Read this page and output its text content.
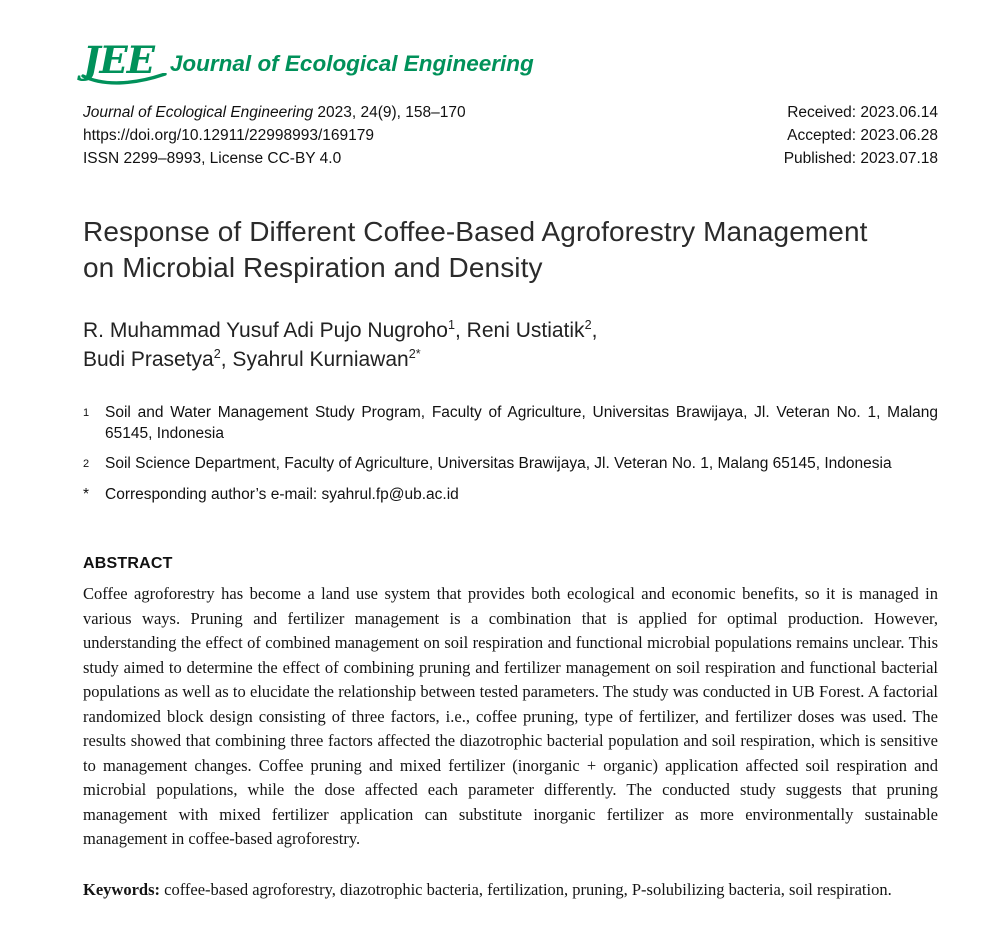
JEE Journal of Ecological Engineering
Journal of Ecological Engineering 2023, 24(9), 158–170
https://doi.org/10.12911/22998993/169179
ISSN 2299–8993, License CC-BY 4.0
Received: 2023.06.14
Accepted: 2023.06.28
Published: 2023.07.18
Response of Different Coffee-Based Agroforestry Management
on Microbial Respiration and Density
R. Muhammad Yusuf Adi Pujo Nugroho$^1$, Reni Ustiatik$^2$,
Budi Prasetya$^2$, Syahrul Kurniawan$^{2*}$
1	Soil and Water Management Study Program, Faculty of Agriculture, Universitas Brawijaya, Jl. Veteran No. 1, Malang 65145, Indonesia
2	Soil Science Department, Faculty of Agriculture, Universitas Brawijaya, Jl. Veteran No. 1, Malang 65145, Indonesia
*	Corresponding author’s e-mail: syahrul.fp@ub.ac.id
ABSTRACT

Coffee agroforestry has become a land use system that provides both ecological and economic benefits, so it is managed in various ways. Pruning and fertilizer management is a combination that is applied for optimal production. However, understanding the effect of combined management on soil respiration and functional microbial populations remains unclear. This study aimed to determine the effect of combining pruning and fertilizer management on soil respiration and functional bacterial populations as well as to elucidate the relationship between tested parameters. The study was conducted in UB Forest. A factorial randomized block design consisting of three factors, i.e., coffee pruning, type of fertilizer, and fertilizer doses was used. The results showed that combining three factors affected the diazotrophic bacterial population and soil respiration, which is sensitive to management changes. Coffee pruning and mixed fertilizer (inorganic + organic) application affected soil respiration and microbial populations, while the dose affected each parameter differently. The conducted study suggests that pruning management with mixed fertilizer application can substitute inorganic fertilizer as more environmentally sustainable management in coffee-based agroforestry.

Keywords: coffee-based agroforestry, diazotrophic bacteria, fertilization, pruning, P-solubilizing bacteria, soil respiration.
